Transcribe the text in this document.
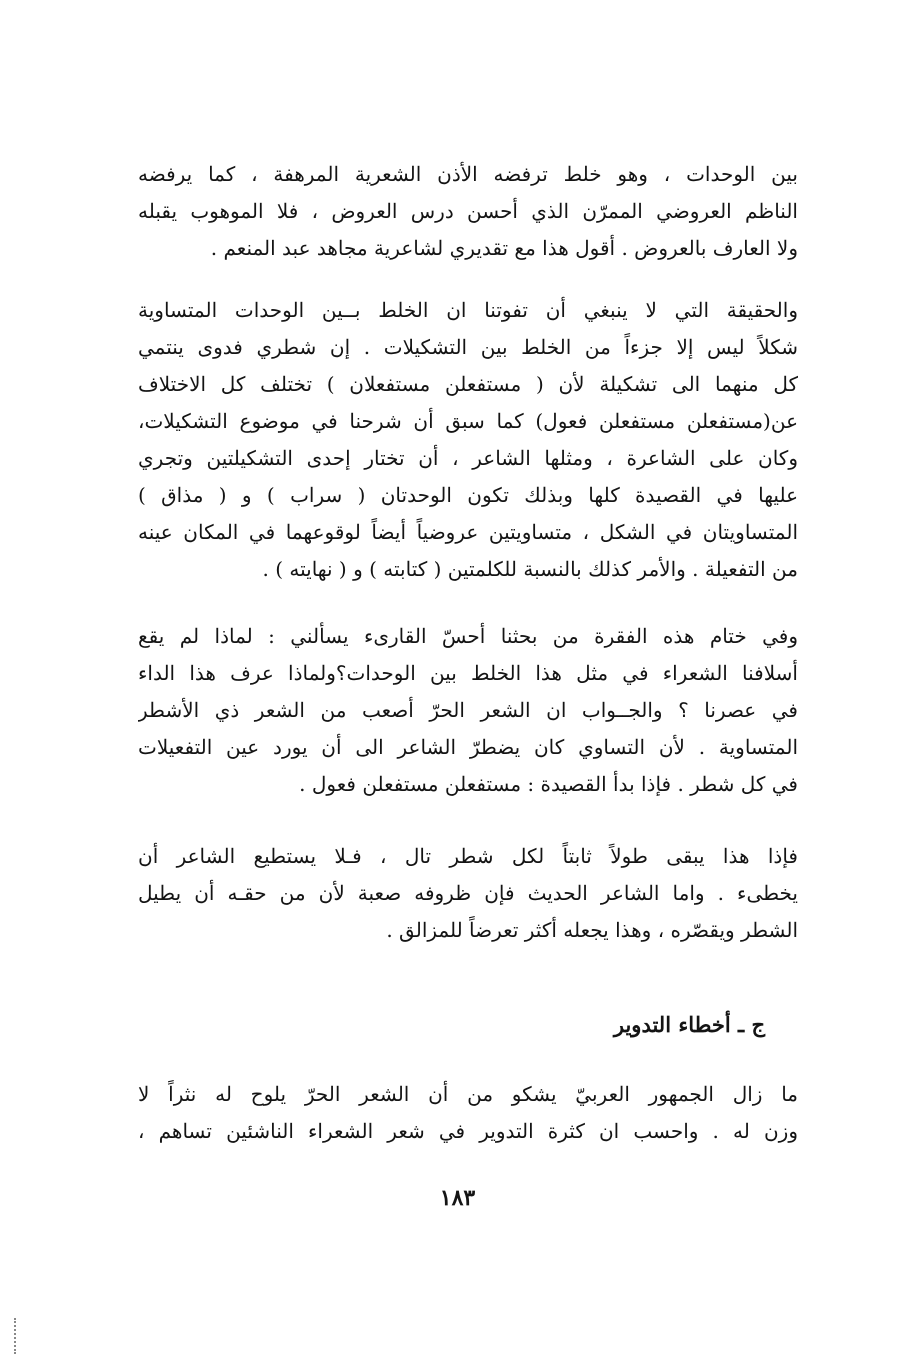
بين الوحدات ، وهو خلط ترفضه الأذن الشعرية المرهفة ، كما يرفضه
الناظم العروضي الممرّن الذي أحسن درس العروض ، فلا الموهوب يقبله
ولا العارف بالعروض . أقول هذا مع تقديري لشاعرية مجاهد عبد المنعم .
والحقيقة التي لا ينبغي أن تفوتنا ان الخلط بــين الوحدات المتساوية
شكلاً ليس إلا جزءاً من الخلط بين التشكيلات . إن شطري فدوى ينتمي
كل منهما الى تشكيلة لأن ( مستفعلن مستفعلان ) تختلف كل الاختلاف
عن(مستفعلن مستفعلن فعول) كما سبق أن شرحنا في موضوع التشكيلات،
وكان على الشاعرة ، ومثلها الشاعر ، أن تختار إحدى التشكيلتين وتجري
عليها في القصيدة كلها وبذلك تكون الوحدتان ( سراب ) و ( مذاق )
المتساويتان في الشكل ، متساويتين عروضياً أيضاً لوقوعهما في المكان عينه
من التفعيلة . والأمر كذلك بالنسبة للكلمتين ( كتابته ) و ( نهايته ) .
وفي ختام هذه الفقرة من بحثنا أحسّ القارىء يسألني : لماذا لم يقع
أسلافنا الشعراء في مثل هذا الخلط بين الوحدات؟ولماذا عرف هذا الداء
في عصرنا ؟ والجــواب ان الشعر الحرّ أصعب من الشعر ذي الأشطر
المتساوية . لأن التساوي كان يضطرّ الشاعر الى أن يورد عين التفعيلات
في كل شطر . فإذا بدأ القصيدة : مستفعلن مستفعلن فعول .
فإذا هذا يبقى طولاً ثابتاً لكل شطر تال ، فـلا يستطيع الشاعر أن
يخطىء . واما الشاعر الحديث فإن ظروفه صعبة لأن من حقـه أن يطيل
الشطر ويقصّره ، وهذا يجعله أكثر تعرضاً للمزالق .
ج ـ أخطاء التدوير
ما زال الجمهور العربيّ يشكو من أن الشعر الحرّ يلوح له نثراً لا
وزن له . واحسب ان كثرة التدوير في شعر الشعراء الناشئين تساهم ،
١٨٣
